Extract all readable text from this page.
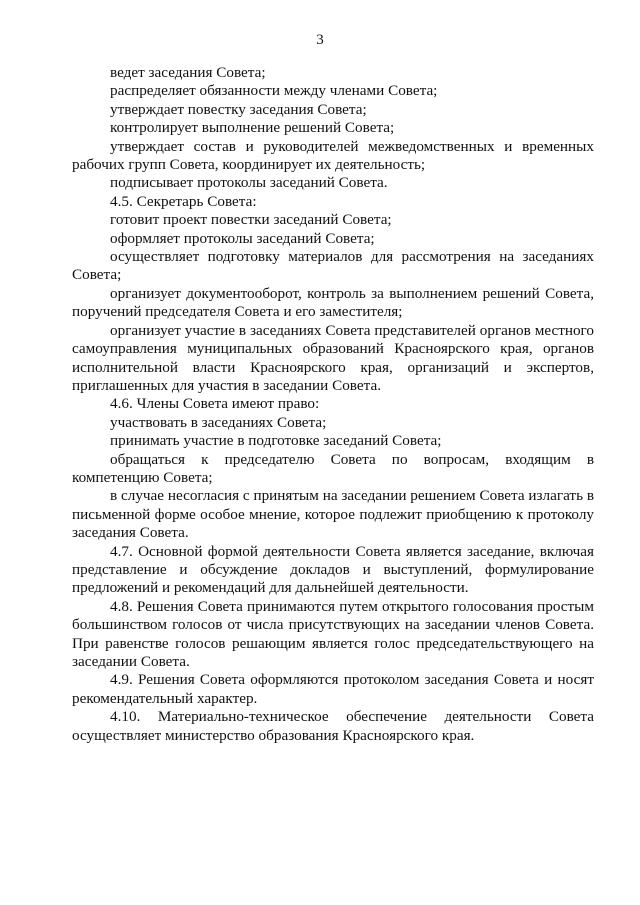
3

ведет заседания Совета;

распределяет обязанности между членами Совета;

утверждает повестку заседания Совета;

контролирует выполнение решений Совета;

утверждает состав и руководителей межведомственных и временных рабочих групп Совета, координирует их деятельность;

подписывает протоколы заседаний Совета.

4.5. Секретарь Совета:

готовит проект повестки заседаний Совета;

оформляет протоколы заседаний Совета;

осуществляет подготовку материалов для рассмотрения на заседаниях Совета;

организует документооборот, контроль за выполнением решений Совета, поручений председателя Совета и его заместителя;

организует участие в заседаниях Совета представителей органов местного самоуправления муниципальных образований Красноярского края, органов исполнительной власти Красноярского края, организаций и экспертов, приглашенных для участия в заседании Совета.

4.6. Члены Совета имеют право:

участвовать в заседаниях Совета;

принимать участие в подготовке заседаний Совета;

обращаться к председателю Совета по вопросам, входящим в компетенцию Совета;

в случае несогласия с принятым на заседании решением Совета излагать в письменной форме особое мнение, которое подлежит приобщению к протоколу заседания Совета.

4.7. Основной формой деятельности Совета является заседание, включая представление и обсуждение докладов и выступлений, формулирование предложений и рекомендаций для дальнейшей деятельности.

4.8. Решения Совета принимаются путем открытого голосования простым большинством голосов от числа присутствующих на заседании членов Совета. При равенстве голосов решающим является голос председательствующего на заседании Совета.

4.9. Решения Совета оформляются протоколом заседания Совета и носят рекомендательный характер.

4.10. Материально-техническое обеспечение деятельности Совета осуществляет министерство образования Красноярского края.
